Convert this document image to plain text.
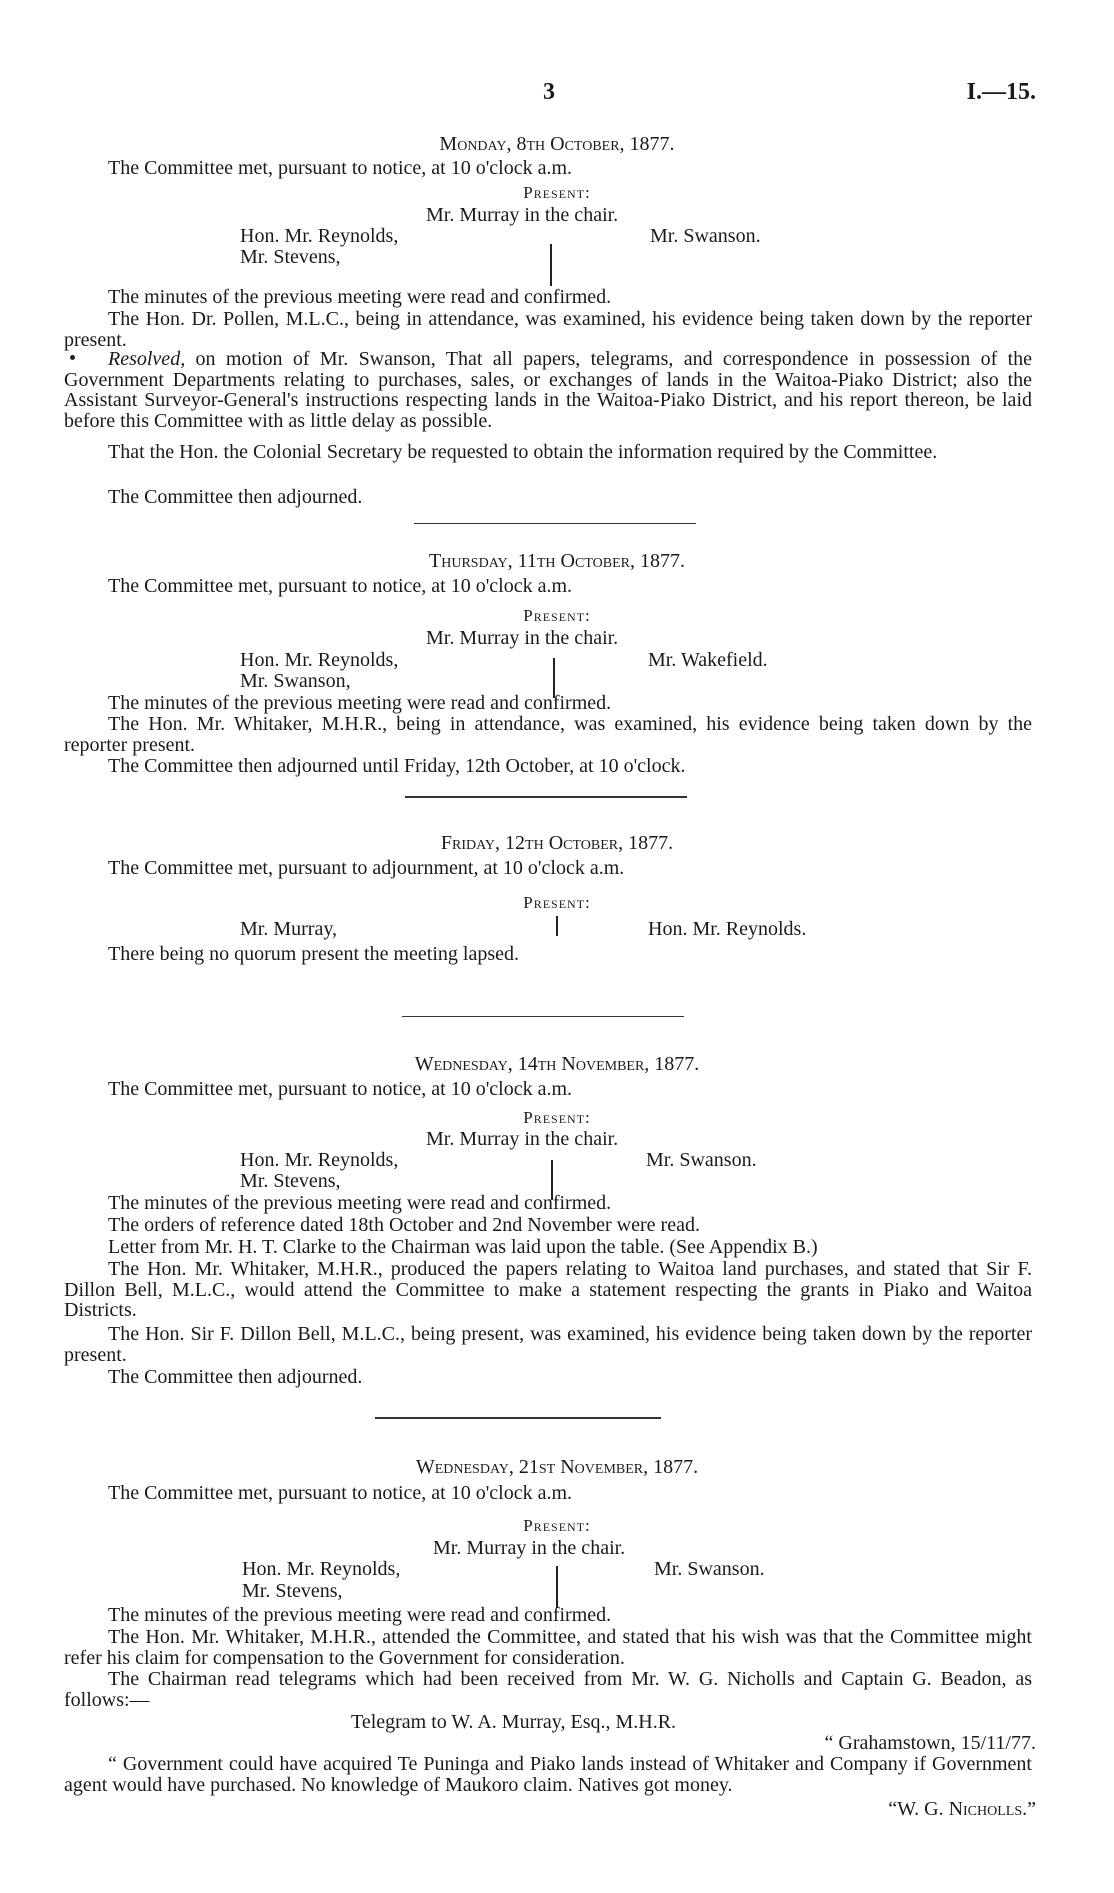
3	I.—15.
Monday, 8th October, 1877.
The Committee met, pursuant to notice, at 10 o'clock a.m.
Present:
Mr. Murray in the chair.
Hon. Mr. Reynolds,
Mr. Stevens,
Mr. Swanson.
The minutes of the previous meeting were read and confirmed.
The Hon. Dr. Pollen, M.L.C., being in attendance, was examined, his evidence being taken down by the reporter present.
Resolved, on motion of Mr. Swanson, That all papers, telegrams, and correspondence in possession of the Government Departments relating to purchases, sales, or exchanges of lands in the Waitoa-Piako District; also the Assistant Surveyor-General's instructions respecting lands in the Waitoa-Piako District, and his report thereon, be laid before this Committee with as little delay as possible.
That the Hon. the Colonial Secretary be requested to obtain the information required by the Committee.
The Committee then adjourned.
Thursday, 11th October, 1877.
The Committee met, pursuant to notice, at 10 o'clock a.m.
Present:
Mr. Murray in the chair.
Hon. Mr. Reynolds,
Mr. Swanson,
Mr. Wakefield.
The minutes of the previous meeting were read and confirmed.
The Hon. Mr. Whitaker, M.H.R., being in attendance, was examined, his evidence being taken down by the reporter present.
The Committee then adjourned until Friday, 12th October, at 10 o'clock.
Friday, 12th October, 1877.
The Committee met, pursuant to adjournment, at 10 o'clock a.m.
Present:
Mr. Murray,	Hon. Mr. Reynolds.
There being no quorum present the meeting lapsed.
Wednesday, 14th November, 1877.
The Committee met, pursuant to notice, at 10 o'clock a.m.
Present:
Mr. Murray in the chair.
Hon. Mr. Reynolds,
Mr. Stevens,
Mr. Swanson.
The minutes of the previous meeting were read and confirmed.
The orders of reference dated 18th October and 2nd November were read.
Letter from Mr. H. T. Clarke to the Chairman was laid upon the table. (See Appendix B.)
The Hon. Mr. Whitaker, M.H.R., produced the papers relating to Waitoa land purchases, and stated that Sir F. Dillon Bell, M.L.C., would attend the Committee to make a statement respecting the grants in Piako and Waitoa Districts.
The Hon. Sir F. Dillon Bell, M.L.C., being present, was examined, his evidence being taken down by the reporter present.
The Committee then adjourned.
Wednesday, 21st November, 1877.
The Committee met, pursuant to notice, at 10 o'clock a.m.
Present:
Mr. Murray in the chair.
Hon. Mr. Reynolds,
Mr. Stevens,
Mr. Swanson.
The minutes of the previous meeting were read and confirmed.
The Hon. Mr. Whitaker, M.H.R., attended the Committee, and stated that his wish was that the Committee might refer his claim for compensation to the Government for consideration.
The Chairman read telegrams which had been received from Mr. W. G. Nicholls and Captain G. Beadon, as follows:—
Telegram to W. A. Murray, Esq., M.H.R.
“ Grahamstown, 15/11/77.
“ Government could have acquired Te Puninga and Piako lands instead of Whitaker and Company if Government agent would have purchased. No knowledge of Maukoro claim. Natives got money.
“W. G. Nicholls.”
